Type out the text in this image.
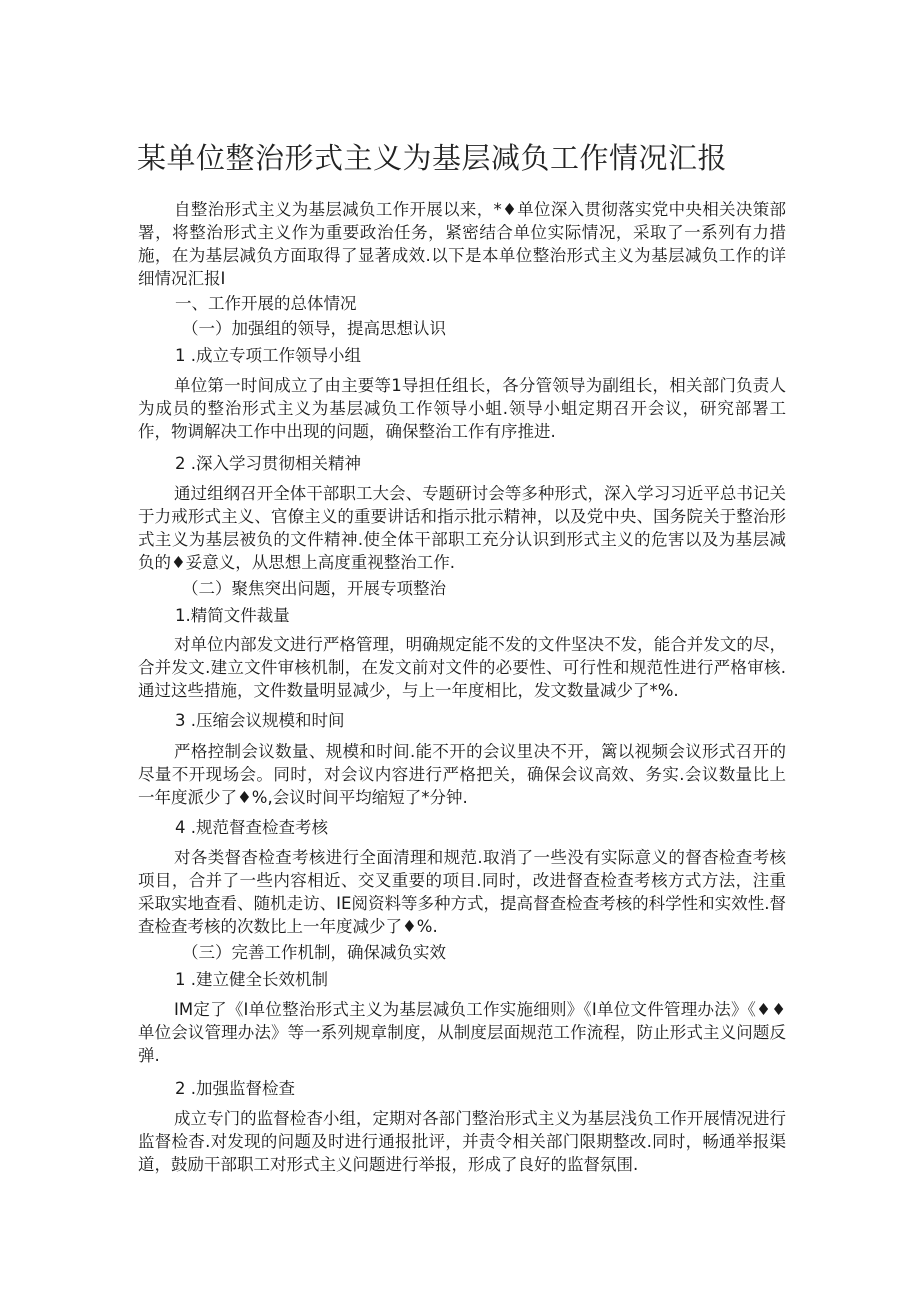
某单位整治形式主义为基层减负工作情况汇报
自整治形式主义为基层减负工作开展以来，*♦单位深入贯彻落实党中央相关决策部署，将整治形式主义作为重要政治任务，紧密结合单位实际情况，采取了一系列有力措施，在为基层减负方面取得了显著成效.以下是本单位整治形式主义为基层减负工作的详细情况汇报I
一、工作开展的总体情况
（一）加强组的领导，提高思想认识
1 .成立专项工作领导小组
单位第一时间成立了由主要等1导担任组长，各分管领导为副组长，相关部门负责人为成员的整治形式主义为基层减负工作领导小蛆.领导小蛆定期召开会议，研究部署工作，物调解决工作中出现的问题，确保整治工作有序推进.
2 .深入学习贯彻相关精神
通过组纲召开全体干部职工大会、专题研讨会等多种形式，深入学习习近平总书记关于力戒形式主义、官僚主义的重要讲话和指示批示精神，以及党中央、国务院关于整治形式主义为基层被负的文件精神.使全体干部职工充分认识到形式主义的危害以及为基层减负的♦妥意义，从思想上高度重视整治工作.
（二）聚焦突出问题，开展专项整治
1.精简文件裁量
对单位内部发文进行严格管理，明确规定能不发的文件坚决不发，能合并发文的尽，合并发文.建立文件审核机制，在发文前对文件的必要性、可行性和规范性进行严格审核.通过这些措施，文件数量明显减少，与上一年度相比，发文数量减少了*%.
3 .压缩会议规模和时间
严格控制会议数量、规模和时间.能不开的会议里决不开，篱以视频会议形式召开的尽量不开现场会。同时，对会议内容进行严格把关，确保会议高效、务实.会议数量比上一年度派少了♦%,会议时间平均缩短了*分钟.
4 .规范督查检查考核
对各类督杳检查考核进行全面清理和规范.取消了一些没有实际意义的督杳检查考核项目，合并了一些内容相近、交叉重要的项目.同时，改进督查检查考核方式方法，注重采取实地查看、随机走访、IE阅资料等多种方式，提高督查检查考核的科学性和实效性.督查检查考核的次数比上一年度减少了♦%.
（三）完善工作机制，确保减负实效
1 .建立健全长效机制
IM定了《I单位整治形式主义为基层减负工作实施细则》《I单位文件管理办法》《♦♦单位会议管理办法》等一系列规章制度，从制度层面规范工作流程，防止形式主义问题反弹.
2 .加强监督检查
成立专门的监督检杳小组，定期对各部门整治形式主义为基层浅负工作开展情况进行监督检杳.对发现的问题及时进行通报批评，并责令相关部门限期整改.同时，畅通举报渠道，鼓励干部职工对形式主义问题进行举报，形成了良好的监督氛围.
